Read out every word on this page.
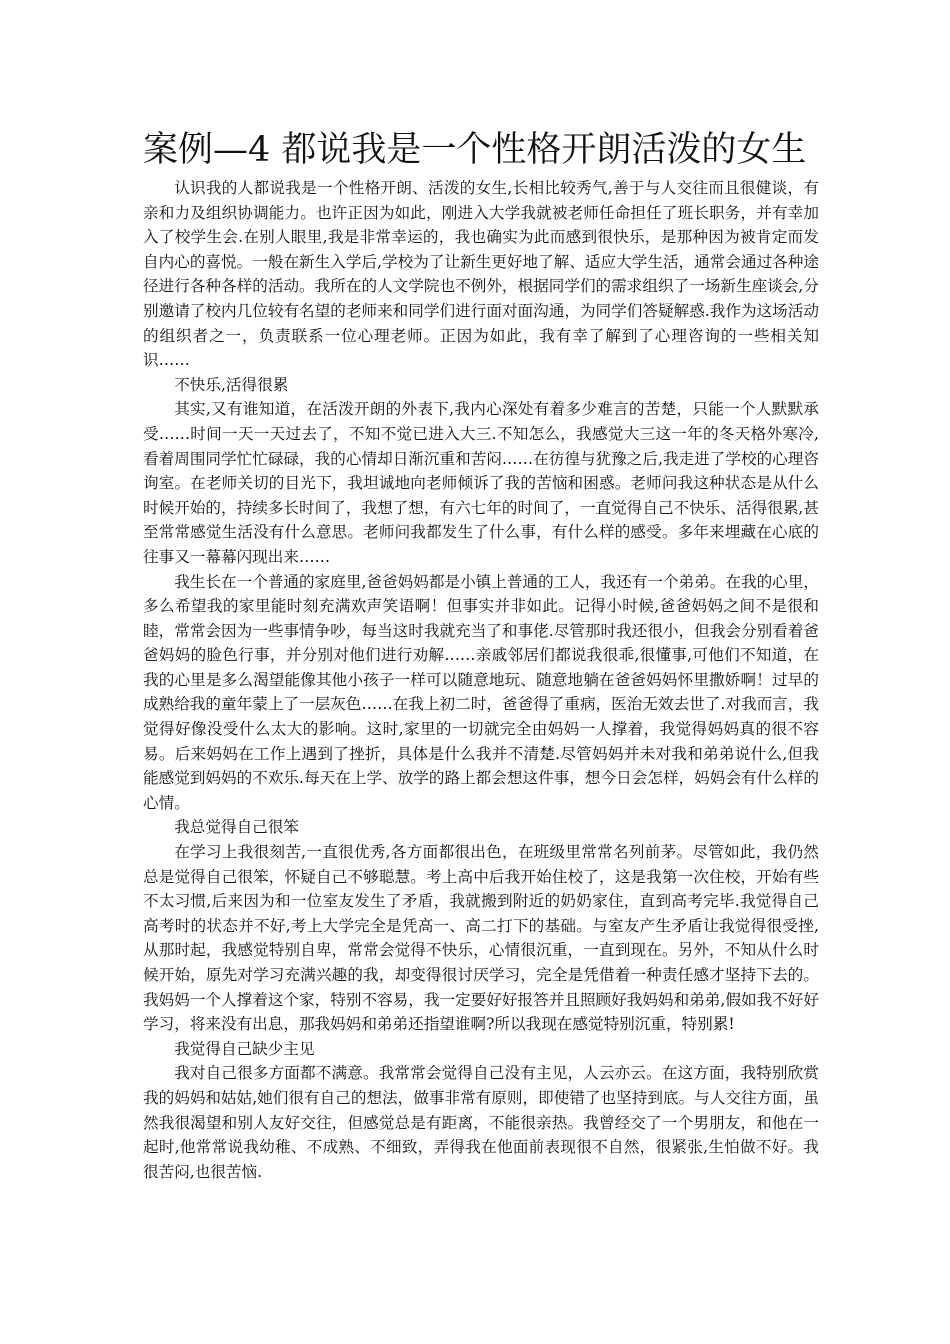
案例—4 都说我是一个性格开朗活泼的女生

认识我的人都说我是一个性格开朗、活泼的女生,长相比较秀气,善于与人交往而且很健谈，有亲和力及组织协调能力。也许正因为如此，刚进入大学我就被老师任命担任了班长职务，并有幸加入了校学生会.在别人眼里,我是非常幸运的，我也确实为此而感到很快乐，是那种因为被肯定而发自内心的喜悦。一般在新生入学后,学校为了让新生更好地了解、适应大学生活，通常会通过各种途径进行各种各样的活动。我所在的人文学院也不例外，根据同学们的需求组织了一场新生座谈会,分别邀请了校内几位较有名望的老师来和同学们进行面对面沟通，为同学们答疑解惑.我作为这场活动的组织者之一，负责联系一位心理老师。正因为如此，我有幸了解到了心理咨询的一些相关知识……

不快乐,活得很累

其实,又有谁知道，在活泼开朗的外表下,我内心深处有着多少难言的苦楚，只能一个人默默承受……时间一天一天过去了，不知不觉已进入大三.不知怎么，我感觉大三这一年的冬天格外寒冷,看着周围同学忙忙碌碌，我的心情却日渐沉重和苦闷……在彷徨与犹豫之后,我走进了学校的心理咨询室。在老师关切的目光下，我坦诚地向老师倾诉了我的苦恼和困惑。老师问我这种状态是从什么时候开始的，持续多长时间了，我想了想，有六七年的时间了，一直觉得自己不快乐、活得很累,甚至常常感觉生活没有什么意思。老师问我都发生了什么事，有什么样的感受。多年来埋藏在心底的往事又一幕幕闪现出来……

我生长在一个普通的家庭里,爸爸妈妈都是小镇上普通的工人，我还有一个弟弟。在我的心里，多么希望我的家里能时刻充满欢声笑语啊！但事实并非如此。记得小时候,爸爸妈妈之间不是很和睦，常常会因为一些事情争吵，每当这时我就充当了和事佬.尽管那时我还很小，但我会分别看着爸爸妈妈的脸色行事，并分别对他们进行劝解……亲戚邻居们都说我很乖,很懂事,可他们不知道，在我的心里是多么渴望能像其他小孩子一样可以随意地玩、随意地躺在爸爸妈妈怀里撒娇啊！过早的成熟给我的童年蒙上了一层灰色……在我上初二时，爸爸得了重病，医治无效去世了.对我而言，我觉得好像没受什么太大的影响。这时,家里的一切就完全由妈妈一人撑着，我觉得妈妈真的很不容易。后来妈妈在工作上遇到了挫折，具体是什么我并不清楚.尽管妈妈并未对我和弟弟说什么,但我能感觉到妈妈的不欢乐.每天在上学、放学的路上都会想这件事，想今日会怎样，妈妈会有什么样的心情。

我总觉得自己很笨

在学习上我很刻苦,一直很优秀,各方面都很出色，在班级里常常名列前茅。尽管如此，我仍然总是觉得自己很笨，怀疑自己不够聪慧。考上高中后我开始住校了，这是我第一次住校，开始有些不太习惯,后来因为和一位室友发生了矛盾，我就搬到附近的奶奶家住，直到高考完毕.我觉得自己高考时的状态并不好,考上大学完全是凭高一、高二打下的基础。与室友产生矛盾让我觉得很受挫,从那时起，我感觉特别自卑，常常会觉得不快乐，心情很沉重，一直到现在。另外，不知从什么时候开始，原先对学习充满兴趣的我，却变得很讨厌学习，完全是凭借着一种责任感才坚持下去的。我妈妈一个人撑着这个家，特别不容易，我一定要好好报答并且照顾好我妈妈和弟弟,假如我不好好学习，将来没有出息，那我妈妈和弟弟还指望谁啊?所以我现在感觉特别沉重，特别累!

我觉得自己缺少主见

我对自己很多方面都不满意。我常常会觉得自己没有主见，人云亦云。在这方面，我特别欣赏我的妈妈和姑姑,她们很有自己的想法，做事非常有原则，即使错了也坚持到底。与人交往方面，虽然我很渴望和别人友好交往，但感觉总是有距离，不能很亲热。我曾经交了一个男朋友，和他在一起时,他常常说我幼稚、不成熟、不细致，弄得我在他面前表现很不自然，很紧张,生怕做不好。我很苦闷,也很苦恼.
